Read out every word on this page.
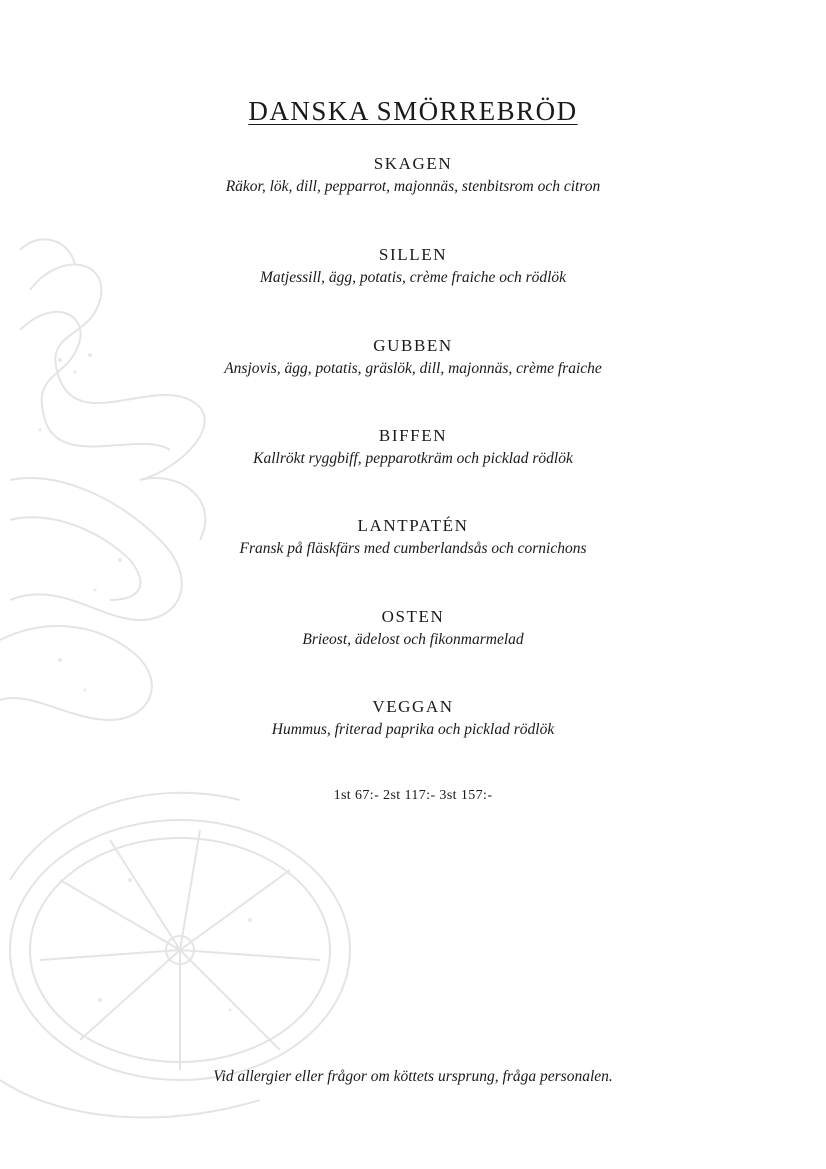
DANSKA SMÖRREBRÖD
SKAGEN
Räkor, lök, dill, pepparrot, majonnäs, stenbitsrom och citron
SILLEN
Matjessill, ägg, potatis, crème fraiche och rödlök
GUBBEN
Ansjovis, ägg, potatis, gräslök, dill, majonnäs, crème fraiche
BIFFEN
Kallrökt ryggbiff, pepparotkräm och picklad rödlök
LANTPATÉN
Fransk på fläskfärs med cumberlandsås och cornichons
OSTEN
Brieost, ädelost och fikonmarmelad
VEGGAN
Hummus, friterad paprika och picklad rödlök
1st 67:- 2st 117:- 3st 157:-
Vid allergier eller frågor om köttets ursprung, fråga personalen.
